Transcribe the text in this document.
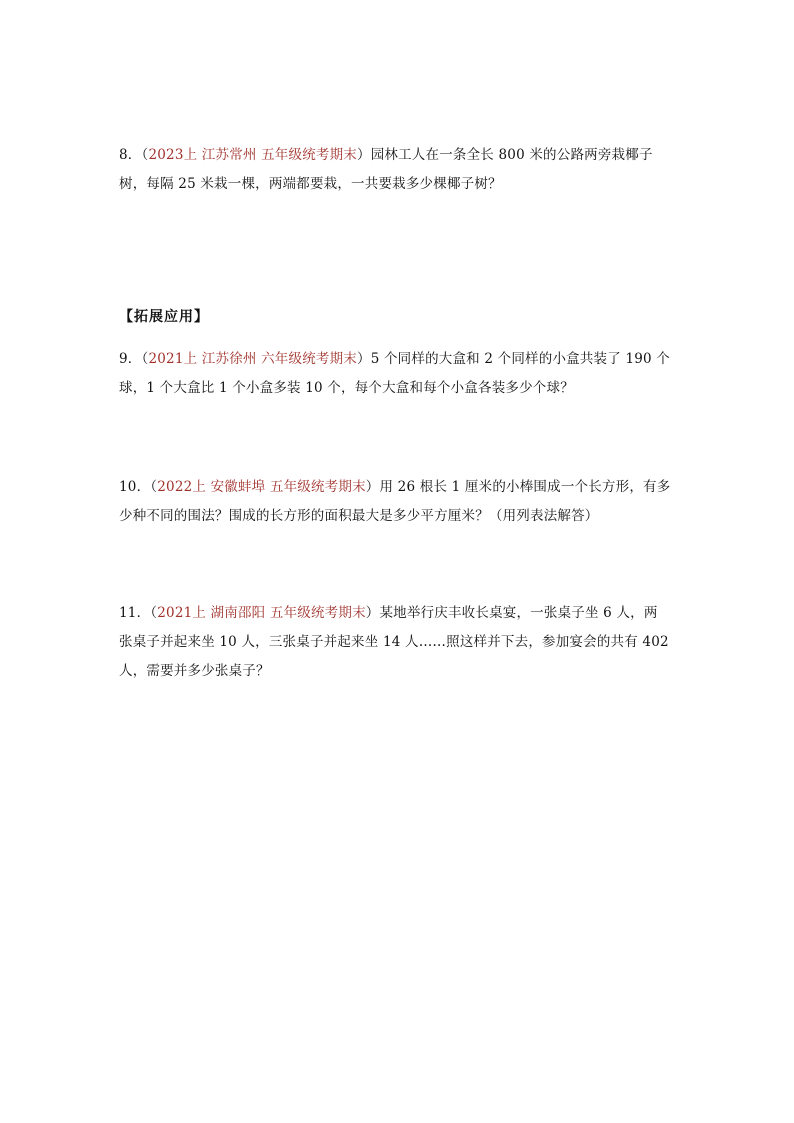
8．（2023上 江苏常州 五年级统考期末）园林工人在一条全长 800 米的公路两旁栽椰子
树，每隔 25 米栽一棵，两端都要栽，一共要栽多少棵椰子树？
【拓展应用】
9．（2021上 江苏徐州 六年级统考期末）5 个同样的大盒和 2 个同样的小盒共装了 190 个
球，1 个大盒比 1 个小盒多装 10 个，每个大盒和每个小盒各装多少个球？
10．（2022上 安徽蚌埠 五年级统考期末）用 26 根长 1 厘米的小棒围成一个长方形，有多
少种不同的围法？围成的长方形的面积最大是多少平方厘米？（用列表法解答）
11．（2021上 湖南邵阳 五年级统考期末）某地举行庆丰收长桌宴，一张桌子坐 6 人，两
张桌子并起来坐 10 人，三张桌子并起来坐 14 人……照这样并下去，参加宴会的共有 402
人，需要并多少张桌子？
